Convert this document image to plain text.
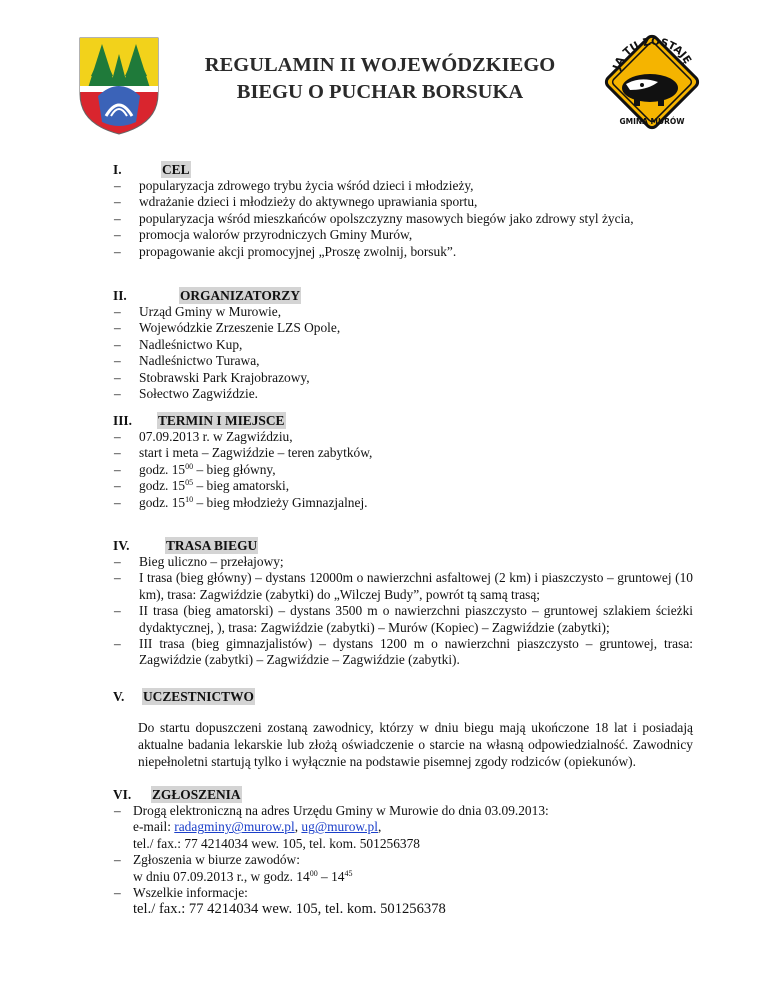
REGULAMIN II WOJEWÓDZKIEGO
BIEGU O PUCHAR BORSUKA
JA TU ZOSTAJĘ
GMINA MURÓW
I.	CEL
– popularyzacja zdrowego trybu życia wśród dzieci i młodzieży,
– wdrażanie dzieci i młodzieży do aktywnego uprawiania sportu,
– popularyzacja wśród mieszkańców opolszczyzny masowych biegów jako zdrowy styl życia,
– promocja walorów przyrodniczych Gminy Murów,
– propagowanie akcji promocyjnej „Proszę zwolnij, borsuk”.
II.	ORGANIZATORZY
– Urząd Gminy w Murowie,
– Wojewódzkie Zrzeszenie LZS Opole,
– Nadleśnictwo Kup,
– Nadleśnictwo Turawa,
– Stobrawski Park Krajobrazowy,
– Sołectwo Zagwiździe.
III. TERMIN I MIEJSCE
– 07.09.2013 r. w Zagwiździu,
– start i meta – Zagwiździe – teren zabytków,
– godz. $15^{00}$ – bieg główny,
– godz. $15^{05}$ – bieg amatorski,
– godz. $15^{10}$ – bieg młodzieży Gimnazjalnej.
IV.	TRASA BIEGU
– Bieg uliczno – przełajowy;
– I trasa (bieg główny) – dystans 12000m o nawierzchni asfaltowej (2 km) i piaszczysto – gruntowej (10 km), trasa: Zagwiździe (zabytki) do „Wilczej Budy”, powrót tą samą trasą;
– II trasa (bieg amatorski) – dystans 3500 m o nawierzchni piaszczysto – gruntowej szlakiem ścieżki dydaktycznej, ), trasa: Zagwiździe (zabytki) – Murów (Kopiec) – Zagwiździe (zabytki);
– III trasa (bieg gimnazjalistów) – dystans 1200 m o nawierzchni piaszczysto – gruntowej, trasa: Zagwiździe (zabytki) – Zagwiździe – Zagwiździe (zabytki).
V. UCZESTNICTWO
Do startu dopuszczeni zostaną zawodnicy, którzy w dniu biegu mają ukończone 18 lat i posiadają aktualne badania lekarskie lub złożą oświadczenie o starcie na własną odpowiedzialność. Zawodnicy niepełnoletni startują tylko i wyłącznie na podstawie pisemnej zgody rodziców (opiekunów).
VI. ZGŁOSZENIA
– Drogą elektroniczną na adres Urzędu Gminy w Murowie do dnia 03.09.2013:
e-mail: radagminy@murow.pl, ug@murow.pl,
tel./ fax.: 77 4214034 wew. 105, tel. kom. 501256378
– Zgłoszenia w biurze zawodów:
w dniu 07.09.2013 r., w godz. $14^{00} - 14^{45}$
– Wszelkie informacje:
tel./ fax.: 77 4214034 wew. 105, tel. kom. 501256378
